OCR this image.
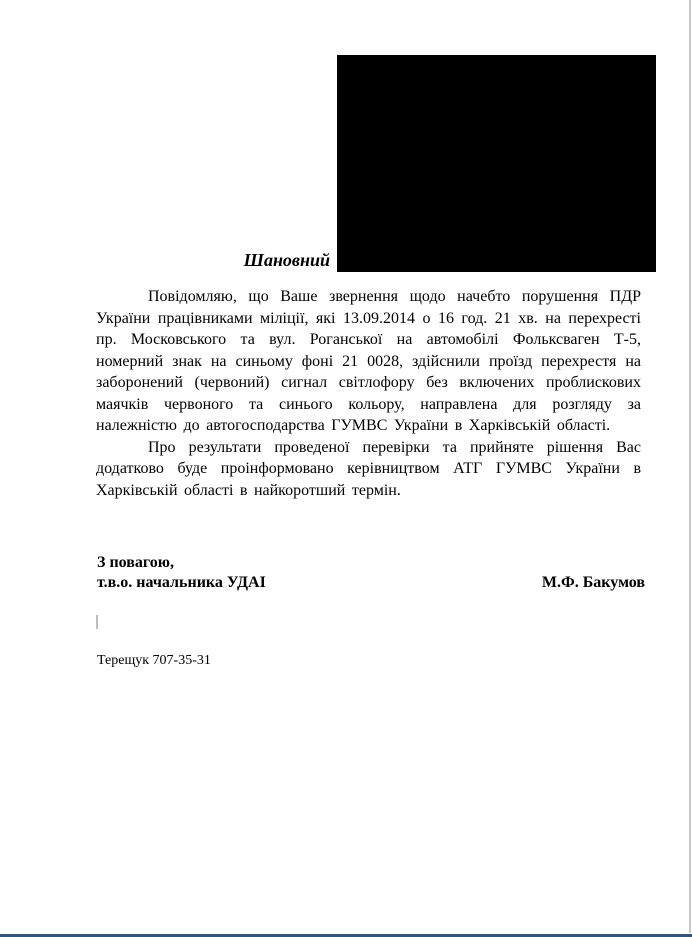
Шановний

Повідомляю, що Ваше звернення щодо начебто порушення ПДР України працівниками міліції, які 13.09.2014 о 16 год. 21 хв. на перехресті пр. Московського та вул. Роганської на автомобілі Фольксваген Т-5, номерний знак на синьому фоні 21 0028, здійснили проїзд перехрестя на заборонений (червоний) сигнал світлофору без включених проблискових маячків червоного та синього кольору, направлена для розгляду за належністю до автогосподарства ГУМВС України в Харківській області.

Про результати проведеної перевірки та прийняте рішення Вас додатково буде проінформовано керівництвом АТГ ГУМВС України в Харківській області в найкоротший термін.

З повагою,
т.в.о. начальника УДАІ	М.Ф. Бакумов
Терещук 707-35-31
